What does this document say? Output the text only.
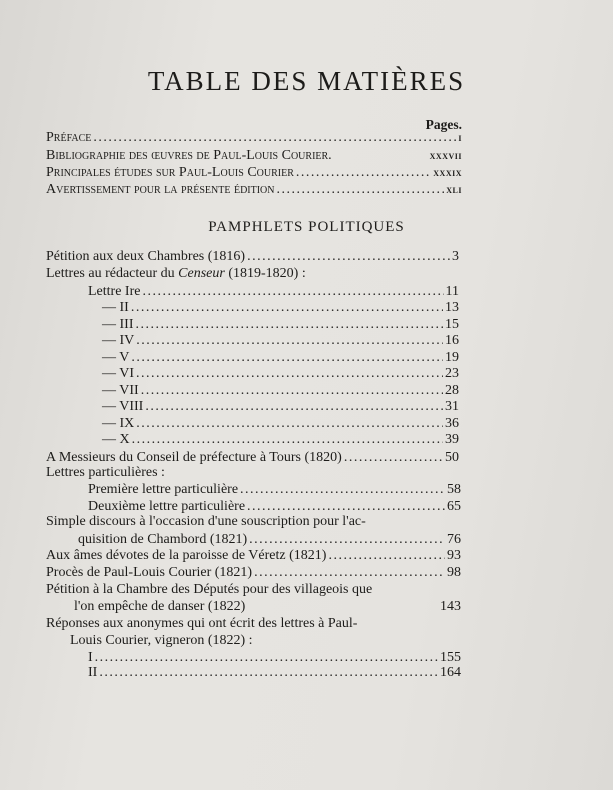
TABLE DES MATIÈRES
Pages.
Préface . . .	i
Bibliographie des œuvres de Paul-Louis Courier.	xxxvii
Principales études sur Paul-Louis Courier . . .	xxxix
Avertissement pour la présente édition . . .	xli
PAMPHLETS POLITIQUES
Pétition aux deux Chambres (1816) . . .	3
Lettres au rédacteur du Censeur (1819-1820) :
Lettre Ire . . .	11
— II . . .	13
— III . . .	15
— IV . . .	16
— V . . .	19
— VI . . .	23
— VII . . .	28
— VIII . . .	31
— IX . . .	36
— X . . .	39
A Messieurs du Conseil de préfecture à Tours (1820) . . .	50
Lettres particulières :
Première lettre particulière . . .	58
Deuxième lettre particulière . . .	65
Simple discours à l'occasion d'une souscription pour l'ac-
quisition de Chambord (1821) . . .	76
Aux âmes dévotes de la paroisse de Véretz (1821) . . .	93
Procès de Paul-Louis Courier (1821) . . .	98
Pétition à la Chambre des Députés pour des villageois que
l'on empêche de danser (1822)	143
Réponses aux anonymes qui ont écrit des lettres à Paul-
Louis Courier, vigneron (1822) :
I . . .	155
II . . .	164
